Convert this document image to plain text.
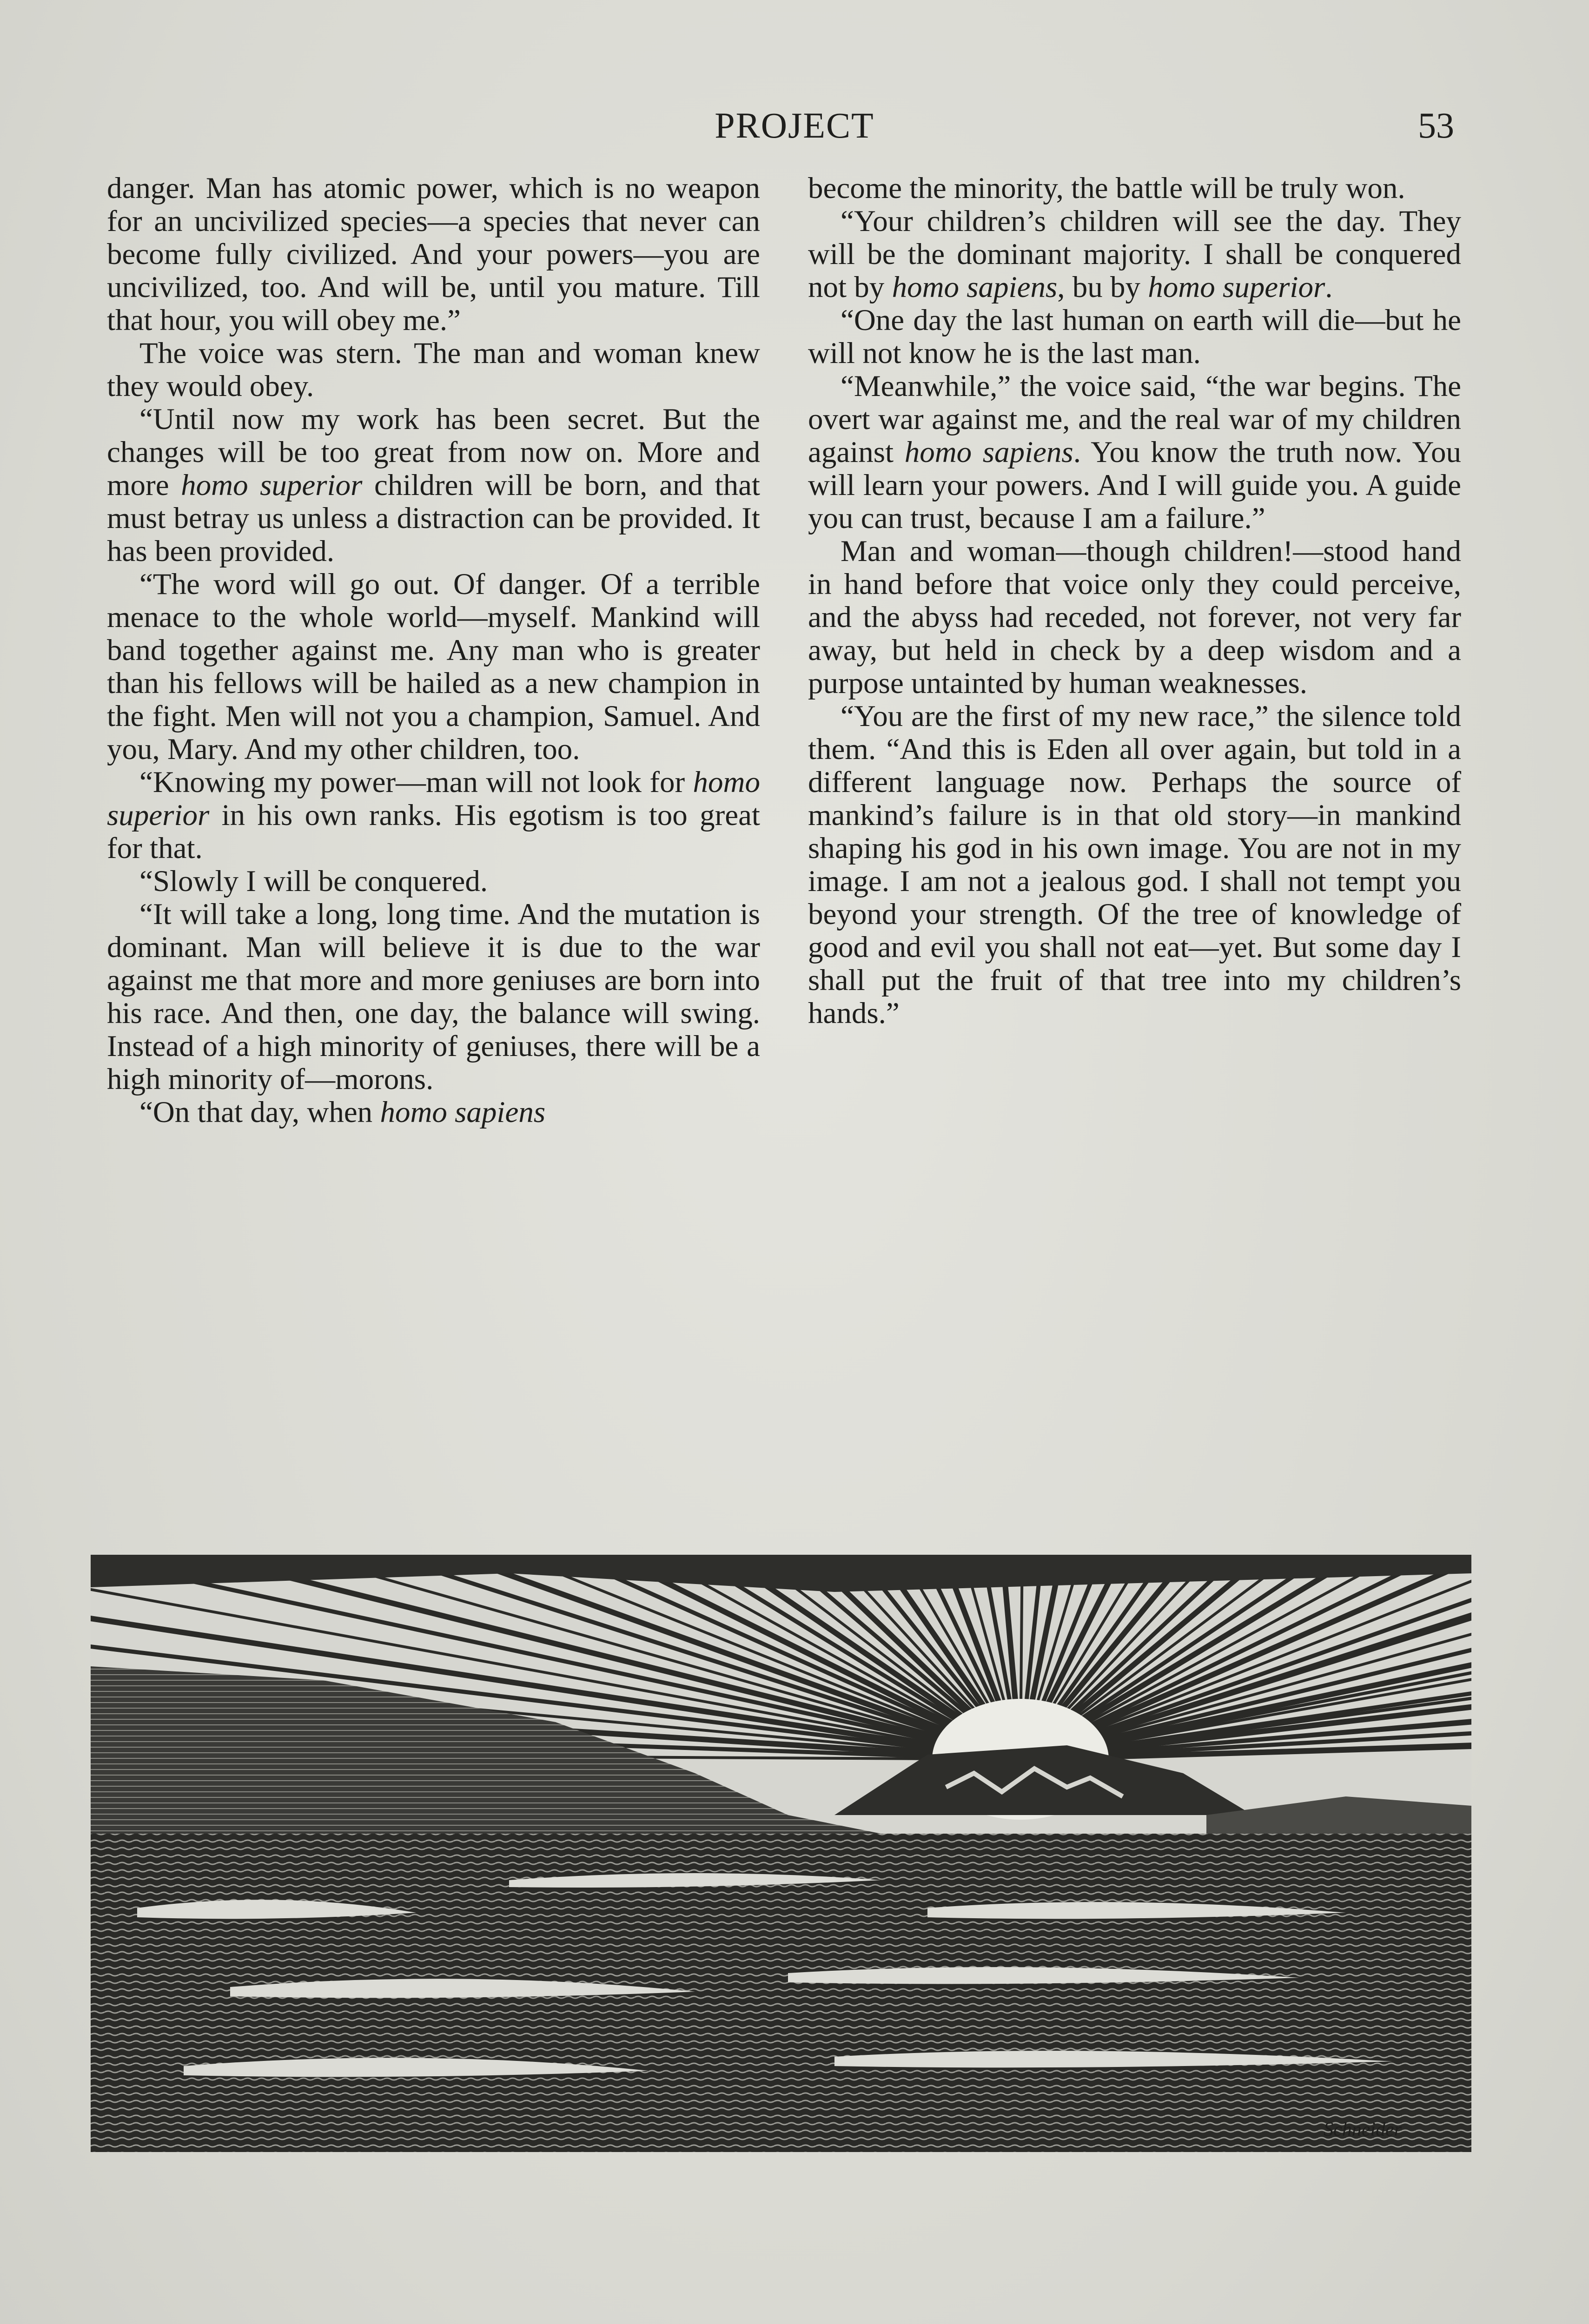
PROJECT	53

danger. Man has atomic power, which is no weapon for an uncivilized species—a species that never can become fully civilized. And your powers—you are uncivilized, too. And will be, until you mature. Till that hour, you will obey me.”

The voice was stern. The man and woman knew they would obey.

“Until now my work has been secret. But the changes will be too great from now on. More and more homo superior children will be born, and that must betray us unless a distraction can be provided. It has been provided.

“The word will go out. Of danger. Of a terrible menace to the whole world—myself. Mankind will band together against me. Any man who is greater than his fellows will be hailed as a new champion in the fight. Men will not you a champion, Samuel. And you, Mary. And my other children, too.

“Knowing my power—man will not look for homo superior in his own ranks. His egotism is too great for that.

“Slowly I will be conquered.

“It will take a long, long time. And the mutation is dominant. Man will believe it is due to the war against me that more and more geniuses are born into his race. And then, one day, the balance will swing. Instead of a high minority of geniuses, there will be a high minority of—morons.

“On that day, when homo sapiens

become the minority, the battle will be truly won.

“Your children’s children will see the day. They will be the dominant majority. I shall be conquered not by homo sapiens, bu by homo superior.

“One day the last human on earth will die—but he will not know he is the last man.

“Meanwhile,” the voice said, “the war begins. The overt war against me, and the real war of my children against homo sapiens. You know the truth now. You will learn your powers. And I will guide you. A guide you can trust, because I am a failure.”

Man and woman—though children!—stood hand in hand before that voice only they could perceive, and the abyss had receded, not forever, not very far away, but held in check by a deep wisdom and a purpose untainted by human weaknesses.

“You are the first of my new race,” the silence told them. “And this is Eden all over again, but told in a different language now. Perhaps the source of mankind’s failure is in that old story—in mankind shaping his god in his own image. You are not in my image. I am not a jealous god. I shall not tempt you beyond your strength. Of the tree of knowledge of good and evil you shall not eat—yet. But some day I shall put the fruit of that tree into my children’s hands.”

Schneider
